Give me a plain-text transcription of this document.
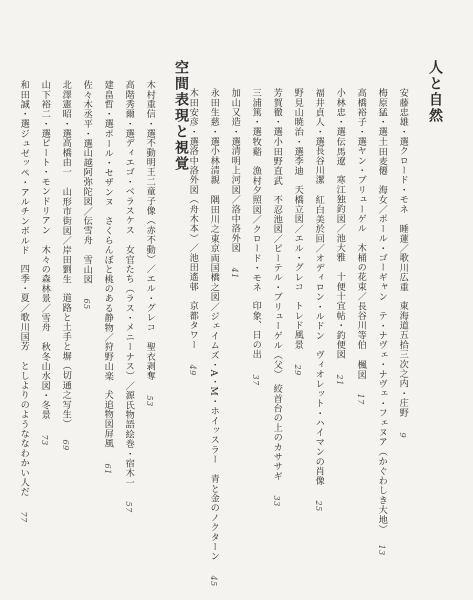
人と自然
安藤忠雄・選クロード・モネ　睡蓮／歌川広重　東海道五拾三次之内・庄野　9
梅原猛・選土田麦僊　海女／ポール・ゴーギャン　テ・ナヴェ・ナヴェ・フェヌア（かぐわしき大地）　13
高橋裕子・選ヤン・ブリューゲル　木桶の花束／長谷川等伯　楓図　17
小林忠・選伝馬遼　寒江独釣図／池大雅　十便十宜帖・釣便図　21
福井貞人・選長谷川潔　紅白美於回／オディロン・ルドン　ヴィオレット・ハイマンの肖像　25
野見山暁治・選李迪　天橋立図／エル・グレコ　トレド風景　29
芳賀徹・選小田野直武　不忍池図／ピーテル・ブリューゲル（父）　絞首台の上のカササギ　33
三浦篤・選牧谿　漁村夕照図／クロード・モネ　印象、日の出　37
加山又造・選清明上河図／洛中洛外図　41
永田生慈・選小林清親　隅田川之東京両国橋之図／ジェイムズ・A・M・ホイッスラー　青と金のノクターン　45
木田安彦・選洛中洛外図（舟木本）／池田遙邨　京都タワー　49
空間表現と視覚
木村重信・選不動明王二童子像（赤不動）／エル・グレコ　聖衣剥奪　53
高階秀爾・選ディエゴ・ベラスケス　女官たち（ラス・メニーナス）／源氏物語絵巻・宿木一　57
建畠晢・選ポール・セザンヌ　さくらんぼと桃のある静物／狩野山楽　犬追物図屏風　61
佐々木丞平・選山越阿弥陀図／伝雪舟　雪山図　65
北澤憲昭・選高橋由一　山形市街図／岸田劉生　道路と土手と塀（切通之写生）　69
山下裕二・選ピート・モンドリアン　木々の森林景／雪舟　秋冬山水図・冬景　73
和田誠・選ジュゼッペ・アルチンボルド　四季・夏／歌川国芳　としよりのようななわかい人だ　77
